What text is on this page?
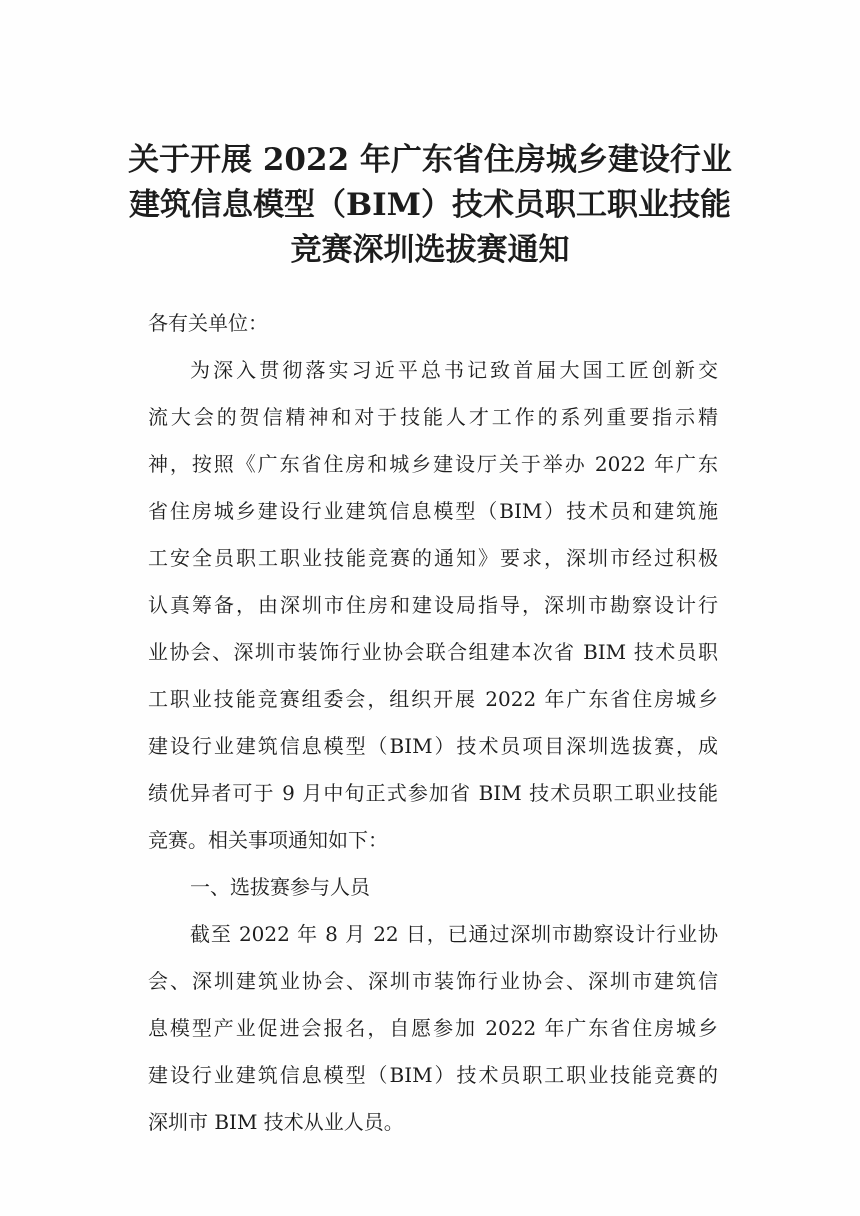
关于开展 2022 年广东省住房城乡建设行业
建筑信息模型（BIM）技术员职工职业技能
竞赛深圳选拔赛通知
各有关单位：
为深入贯彻落实习近平总书记致首届大国工匠创新交
流大会的贺信精神和对于技能人才工作的系列重要指示精
神，按照《广东省住房和城乡建设厅关于举办 2022 年广东
省住房城乡建设行业建筑信息模型（BIM）技术员和建筑施
工安全员职工职业技能竞赛的通知》要求，深圳市经过积极
认真筹备，由深圳市住房和建设局指导，深圳市勘察设计行
业协会、深圳市装饰行业协会联合组建本次省 BIM 技术员职
工职业技能竞赛组委会，组织开展 2022 年广东省住房城乡
建设行业建筑信息模型（BIM）技术员项目深圳选拔赛，成
绩优异者可于 9 月中旬正式参加省 BIM 技术员职工职业技能
竞赛。相关事项通知如下：
一、选拔赛参与人员
截至 2022 年 8 月 22 日，已通过深圳市勘察设计行业协
会、深圳建筑业协会、深圳市装饰行业协会、深圳市建筑信
息模型产业促进会报名，自愿参加 2022 年广东省住房城乡
建设行业建筑信息模型（BIM）技术员职工职业技能竞赛的
深圳市 BIM 技术从业人员。
